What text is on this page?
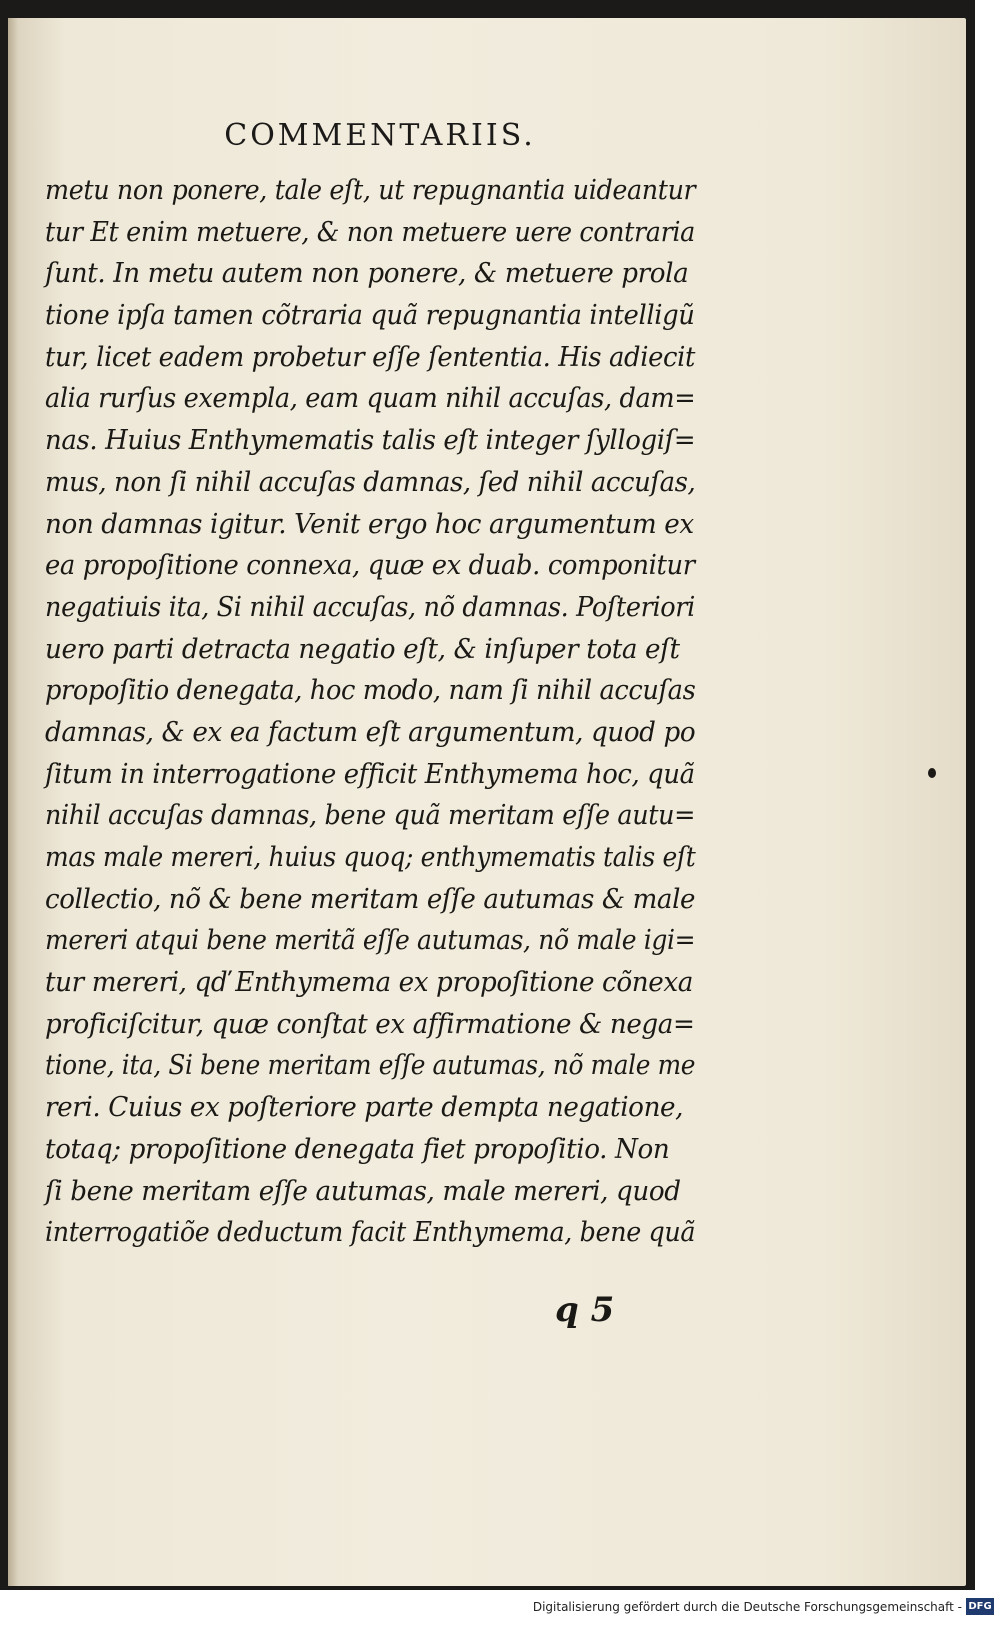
COMMENTARIIS.
metu non ponere, tale eſt, ut repugnantia uideantur
tur Et enim metuere, & non metuere uere contraria
ſunt. In metu autem non ponere, & metuere prola
tione ipſa tamen cõtraria quã repugnantia intelligũ
tur, licet eadem probetur eſſe ſententia. His adiecit
alia rurſus exempla, eam quam nihil accuſas, dam=
nas. Huius Enthymematis talis eſt integer ſyllogiſ=
mus, non ſi nihil accuſas damnas, ſed nihil accuſas,
non damnas igitur. Venit ergo hoc argumentum ex
ea propoſitione connexa, quæ ex duab. componitur
negatiuis ita, Si nihil accuſas, nõ damnas. Poſteriori
uero parti detracta negatio eſt, & inſuper tota eſt
propoſitio denegata, hoc modo, nam ſi nihil accuſas
damnas, & ex ea factum eſt argumentum, quod po
ſitum in interrogatione efficit Enthymema hoc, quã
nihil accuſas damnas, bene quã meritam eſſe autu=
mas male mereri, huius quoq; enthymematis talis eſt
collectio, nõ & bene meritam eſſe autumas & male
mereri atqui bene meritã eſſe autumas, nõ male igi=
tur mereri, qď Enthymema ex propoſitione cõnexa
proficiſcitur, quæ conſtat ex affirmatione & nega=
tione, ita, Si bene meritam eſſe autumas, nõ male me
reri. Cuius ex poſteriore parte dempta negatione,
totaq; propoſitione denegata fiet propoſitio. Non
ſi bene meritam eſſe autumas, male mereri, quod
interrogatiõe deductum facit Enthymema, bene quã
q 5
Digitalisierung gefördert durch die Deutsche Forschungsgemeinschaft - DFG
